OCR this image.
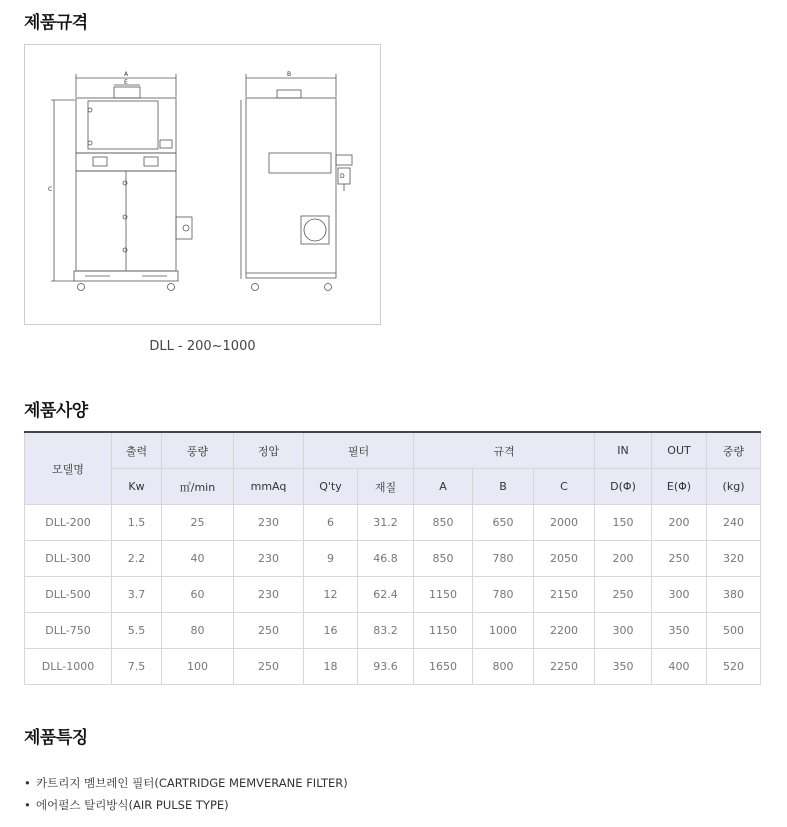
제품규격
A
E
C
B
D
DLL - 200~1000
제품사양
모델명	출력	풍량	정압	필터		규격			IN	OUT	중량
	Kw	㎥/min	mmAq	Q'ty	재질	A	B	C	D(Φ)	E(Φ)	(kg)
DLL-200	1.5	25	230	6	31.2	850	650	2000	150	200	240
DLL-300	2.2	40	230	9	46.8	850	780	2050	200	250	320
DLL-500	3.7	60	230	12	62.4	1150	780	2150	250	300	380
DLL-750	5.5	80	250	16	83.2	1150	1000	2200	300	350	500
DLL-1000	7.5	100	250	18	93.6	1650	800	2250	350	400	520
제품특징
• 카트리지 멤브레인 필터(CARTRIDGE MEMVERANE FILTER)
• 에어펄스 탈리방식(AIR PULSE TYPE)
